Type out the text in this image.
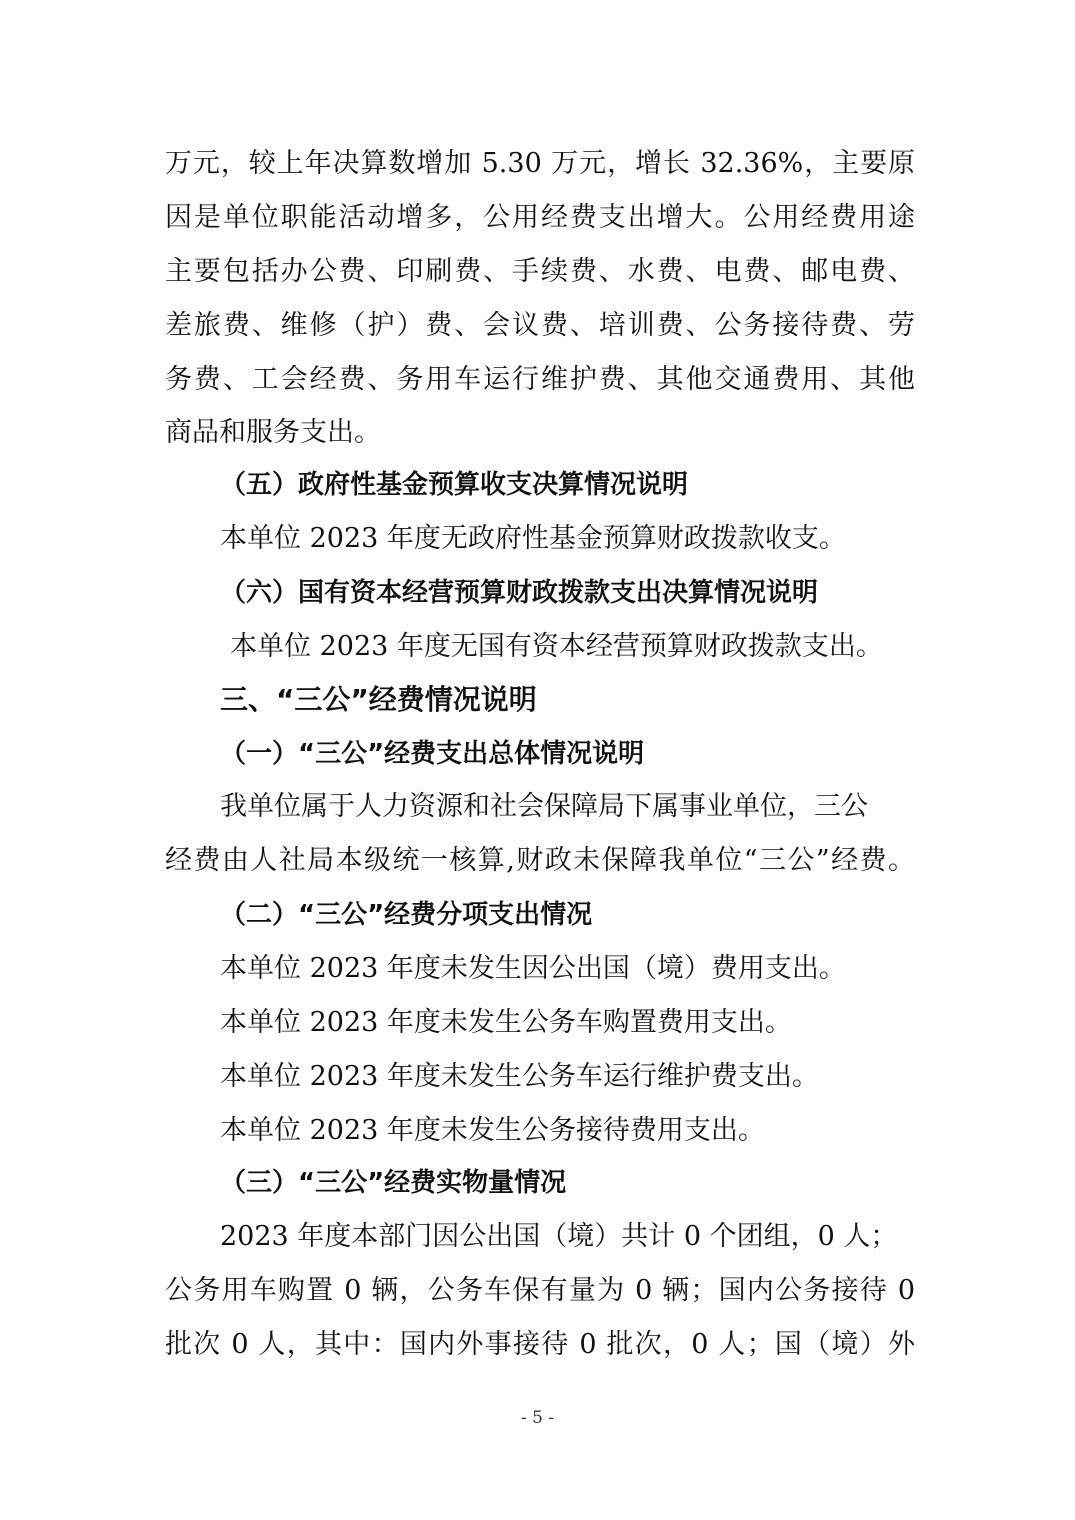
万元，较上年决算数增加 5.30 万元，增长 32.36%，主要原
因是单位职能活动增多，公用经费支出增大。公用经费用途
主要包括办公费、印刷费、手续费、水费、电费、邮电费、
差旅费、维修（护）费、会议费、培训费、公务接待费、劳
务费、工会经费、务用车运行维护费、其他交通费用、其他
商品和服务支出。
（五）政府性基金预算收支决算情况说明
本单位 2023 年度无政府性基金预算财政拨款收支。
（六）国有资本经营预算财政拨款支出决算情况说明
本单位 2023 年度无国有资本经营预算财政拨款支出。
三、“三公”经费情况说明
（一）“三公”经费支出总体情况说明
我单位属于人力资源和社会保障局下属事业单位，三公
经费由人社局本级统一核算,财政未保障我单位“三公”经费。
（二）“三公”经费分项支出情况
本单位 2023 年度未发生因公出国（境）费用支出。
本单位 2023 年度未发生公务车购置费用支出。
本单位 2023 年度未发生公务车运行维护费支出。
本单位 2023 年度未发生公务接待费用支出。
（三）“三公”经费实物量情况
2023 年度本部门因公出国（境）共计 0 个团组，0 人；
公务用车购置 0 辆，公务车保有量为 0 辆；国内公务接待 0
批次 0 人，其中：国内外事接待 0 批次，0 人；国（境）外
- 5 -
